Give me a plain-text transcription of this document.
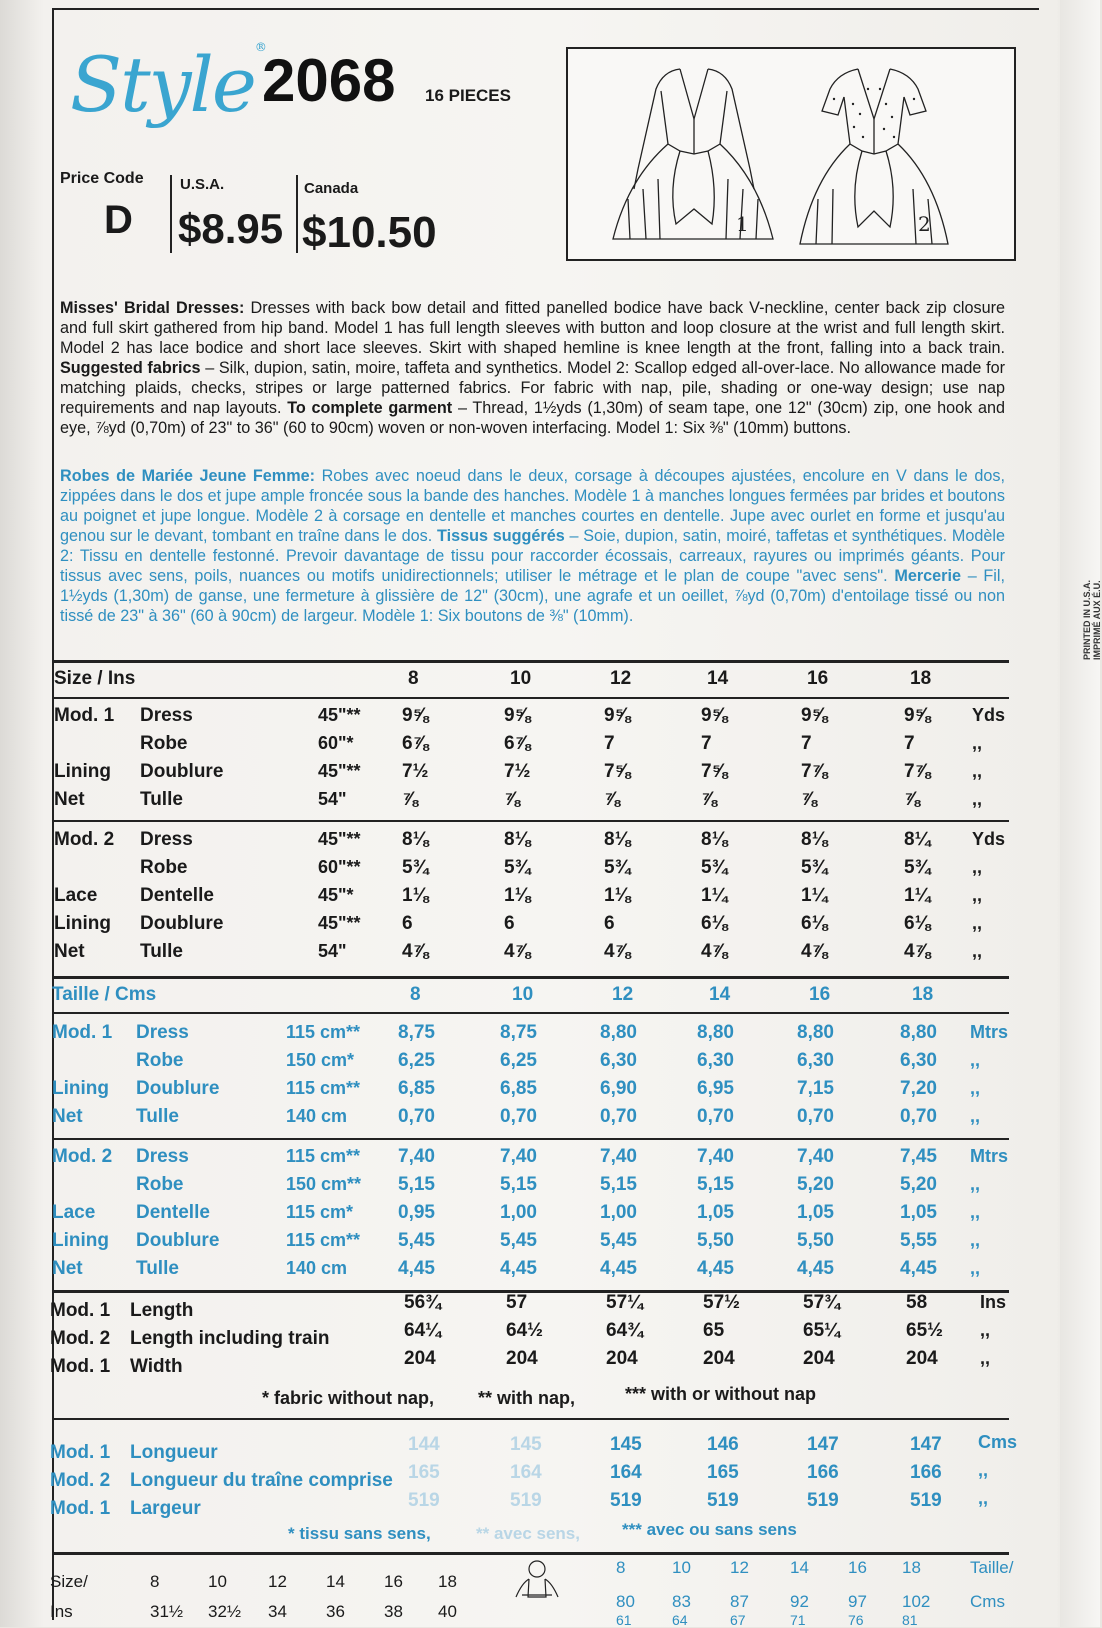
Style®
2068 16 PIECES
Price Code
D
U.S.A.
$8.95
Canada
$10.50	1	2
Misses' Bridal Dresses: Dresses with back bow detail and fitted panelled bodice have back V-neckline, center back zip closure and full skirt gathered from hip band. Model 1 has full length sleeves with button and loop closure at the wrist and full length skirt. Model 2 has lace bodice and short lace sleeves. Skirt with shaped hemline is knee length at the front, falling into a back train. Suggested fabrics – Silk, dupion, satin, moire, taffeta and synthetics. Model 2: Scallop edged all-over-lace. No allowance made for matching plaids, checks, stripes or large patterned fabrics. For fabric with nap, pile, shading or one-way design; use nap requirements and nap layouts. To complete garment – Thread, 1½yds (1,30m) of seam tape, one 12" (30cm) zip, one hook and eye, ⅞yd (0,70m) of 23" to 36" (60 to 90cm) woven or non-woven interfacing. Model 1: Six ⅜" (10mm) buttons.
Robes de Mariée Jeune Femme: Robes avec noeud dans le deux, corsage à découpes ajustées, encolure en V dans le dos, zippées dans le dos et jupe ample froncée sous la bande des hanches. Modèle 1 à manches longues fermées par brides et boutons au poignet et jupe longue. Modèle 2 à corsage en dentelle et manches courtes en dentelle. Jupe avec ourlet en forme et jusqu'au genou sur le devant, tombant en traîne dans le dos. Tissus suggérés – Soie, dupion, satin, moiré, taffetas et synthétiques. Modèle 2: Tissu en dentelle festonné. Prevoir davantage de tissu pour raccorder écossais, carreaux, rayures ou imprimés géants. Pour tissus avec sens, poils, nuances ou motifs unidirectionnels; utiliser le métrage et le plan de coupe "avec sens". Mercerie – Fil, 1½yds (1,30m) de ganse, une fermeture à glissière de 12" (30cm), une agrafe et un oeillet, ⅞yd (0,70m) d'entoilage tissé ou non tissé de 23" à 36" (60 à 90cm) de largeur. Modèle 1: Six boutons de ⅜" (10mm).
Size / Ins	8	10	12	14	16	18
Mod. 1 Dress	45"** 9⅝	9⅝	9⅝	9⅝	9⅝	9⅝ Yds
Robe	60"*	6⅞	6⅞	7	7	7	7	,,
Lining Doublure	45"** 7½	7½	7⅝	7⅝	7⅞	7⅞ ,,
Net	Tulle	54"	⅞	⅞	⅞	⅞	⅞	⅞	,,
Mod. 2 Dress	45"** 8⅛	8⅛	8⅛	8⅛	8⅛	8¼ Yds
Robe	60"** 5¾	5¾	5¾	5¾	5¾	5¾ ,,
Lace Dentelle	45"*	1⅛	1⅛	1⅛	1¼	1¼	1¼ ,,
Lining Doublure	45"** 6	6	6	6⅛	6⅛	6⅛ ,,
Net	Tulle	54"	4⅞	4⅞	4⅞	4⅞	4⅞	4⅞ ,,
Taille / Cms	8	10	12	14	16	18
Mod. 1 Dress	115 cm** 8,75	8,75	8,80	8,80	8,80	8,80 Mtrs
Robe	150 cm* 6,25	6,25	6,30	6,30	6,30	6,30 ,,
Lining Doublure	115 cm** 6,85	6,85	6,90	6,95	7,15	7,20 ,,
Net	Tulle	140 cm	0,70	0,70	0,70	0,70	0,70	0,70 ,,
Mod. 2 Dress	115 cm** 7,40	7,40	7,40	7,40	7,40	7,45 Mtrs
Robe	150 cm** 5,15	5,15	5,15	5,15	5,20	5,20 ,,
Lace Dentelle	115 cm* 0,95	1,00	1,00	1,05	1,05	1,05 ,,
Lining Doublure	115 cm** 5,45	5,45	5,45	5,50	5,50	5,55 ,,
Net	Tulle	140 cm	4,45	4,45	4,45	4,45	4,45	4,45 ,,
Mod. 1 Length	56¾	57	57¼	57½	57¾	58	Ins
Mod. 2 Length including train	64¼	64½	64¾	65	65¼	65½ ,,
Mod. 1 Width	204	204	204	204	204	204 ,,
* fabric without nap, ** with nap,	*** with or without nap
Mod. 1 Longueur	144	145	145	146	147	147 Cms
Mod. 2 Longueur du traîne comprise 165	164	164	165	166	166 ,,
Mod. 1 Largeur	519	519	519	519	519	519 ,,
* tissu sans sens,	** avec sens, *** avec ou sans sens
Size/	8	10 12 14 16 18
Ins	31½ 32½ 34 36 38 40
8	10 12 14 16 18	Taille/
80 83 87 92 97 102 Cms
61	64	67	71	76	81
PRINTED IN U.S.A. IMPRIMÉ AUX É.U.
